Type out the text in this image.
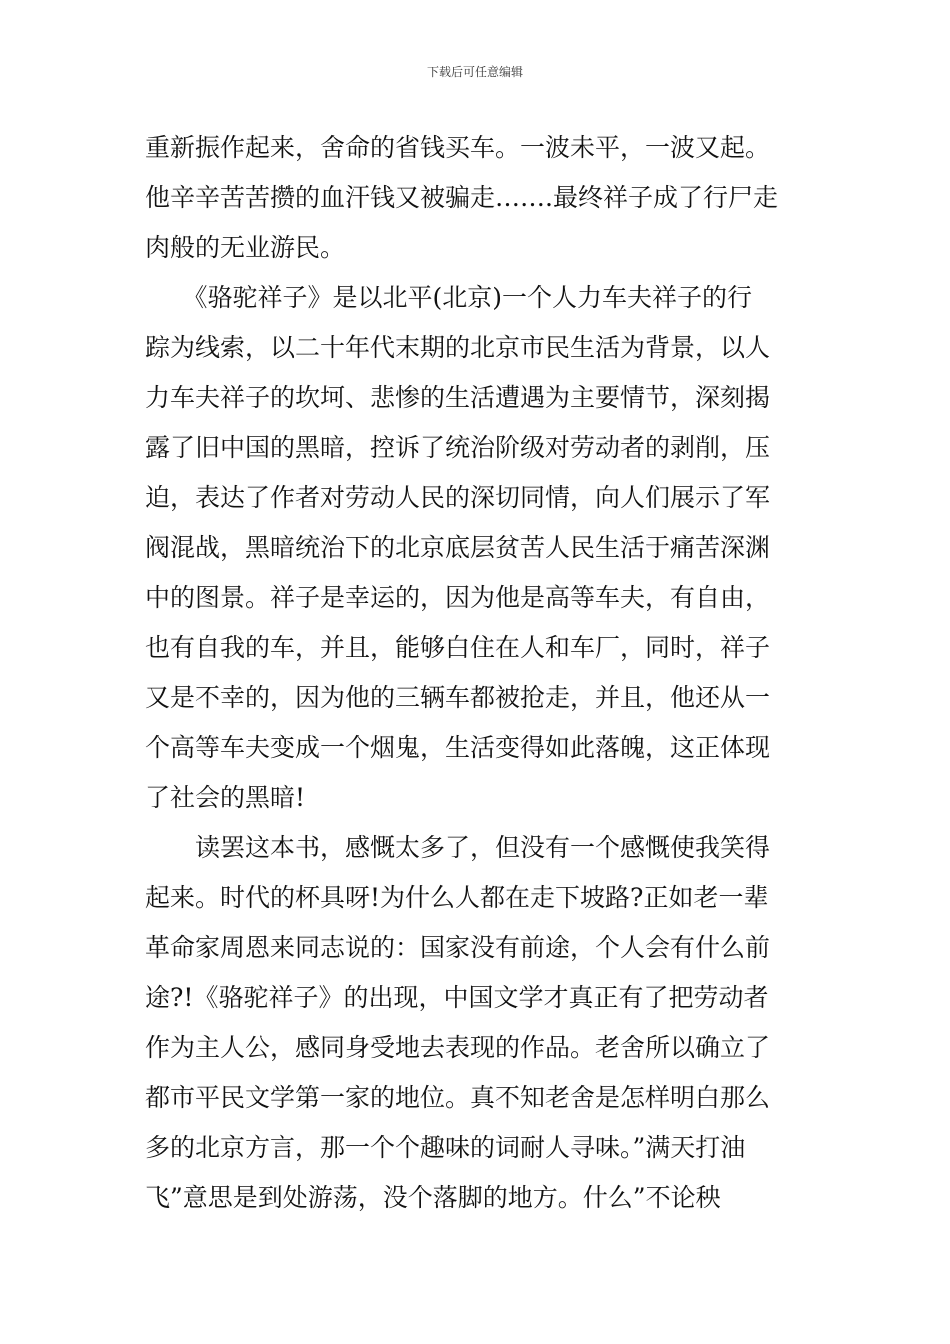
下载后可任意编辑
重新振作起来，舍命的省钱买车。一波未平，一波又起。
他辛辛苦苦攒的血汗钱又被骗走…….最终祥子成了行尸走
肉般的无业游民。
　　《骆驼祥子》是以北平(北京)一个人力车夫祥子的行
踪为线索，以二十年代末期的北京市民生活为背景，以人
力车夫祥子的坎坷、悲惨的生活遭遇为主要情节，深刻揭
露了旧中国的黑暗，控诉了统治阶级对劳动者的剥削，压
迫，表达了作者对劳动人民的深切同情，向人们展示了军
阀混战，黑暗统治下的北京底层贫苦人民生活于痛苦深渊
中的图景。祥子是幸运的，因为他是高等车夫，有自由，
也有自我的车，并且，能够白住在人和车厂，同时，祥子
又是不幸的，因为他的三辆车都被抢走，并且，他还从一
个高等车夫变成一个烟鬼，生活变得如此落魄，这正体现
了社会的黑暗!
　　读罢这本书，感慨太多了，但没有一个感慨使我笑得
起来。时代的杯具呀!为什么人都在走下坡路?正如老一辈
革命家周恩来同志说的：国家没有前途，个人会有什么前
途?!《骆驼祥子》的出现，中国文学才真正有了把劳动者
作为主人公，感同身受地去表现的作品。老舍所以确立了
都市平民文学第一家的地位。真不知老舍是怎样明白那么
多的北京方言，那一个个趣味的词耐人寻味。”满天打油
飞”意思是到处游荡，没个落脚的地方。什么”不论秧
